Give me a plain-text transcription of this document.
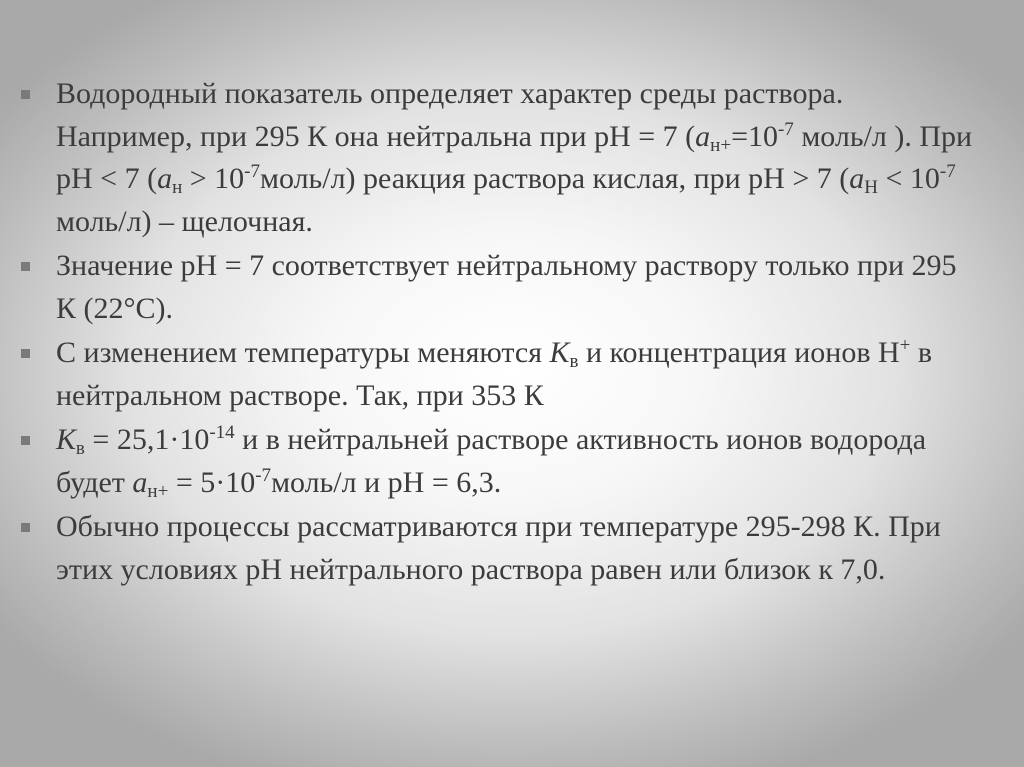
Водородный показатель определяет характер среды раствора. Например, при 295 К она нейтральна при рН = 7 ($a_{н+}=10^{-7}$ моль/л ). При рН < 7 ($a_н$ > $10^{-7}моль/л$) реакция раствора кислая, при рН > 7 ($a_Н < 10^{-7}$ моль/л) – щелочная.
Значение рН = 7 соответствует нейтральному раствору только при 295 К (22°С).
С изменением температуры меняются $К_в$ и концентрация ионов Н+ в нейтральном растворе. Так, при 353 К
$К_в = 25,1\cdot 10^{-14}$ и в нейтральней растворе активность ионов водорода будет $a_{н+}$ = $5\cdot 10^{-7}моль/л$ и рН = 6,3.
Обычно процессы рассматриваются при температуре 295-298 К. При этих условиях рН нейтрального раствора равен или близок к 7,0.
